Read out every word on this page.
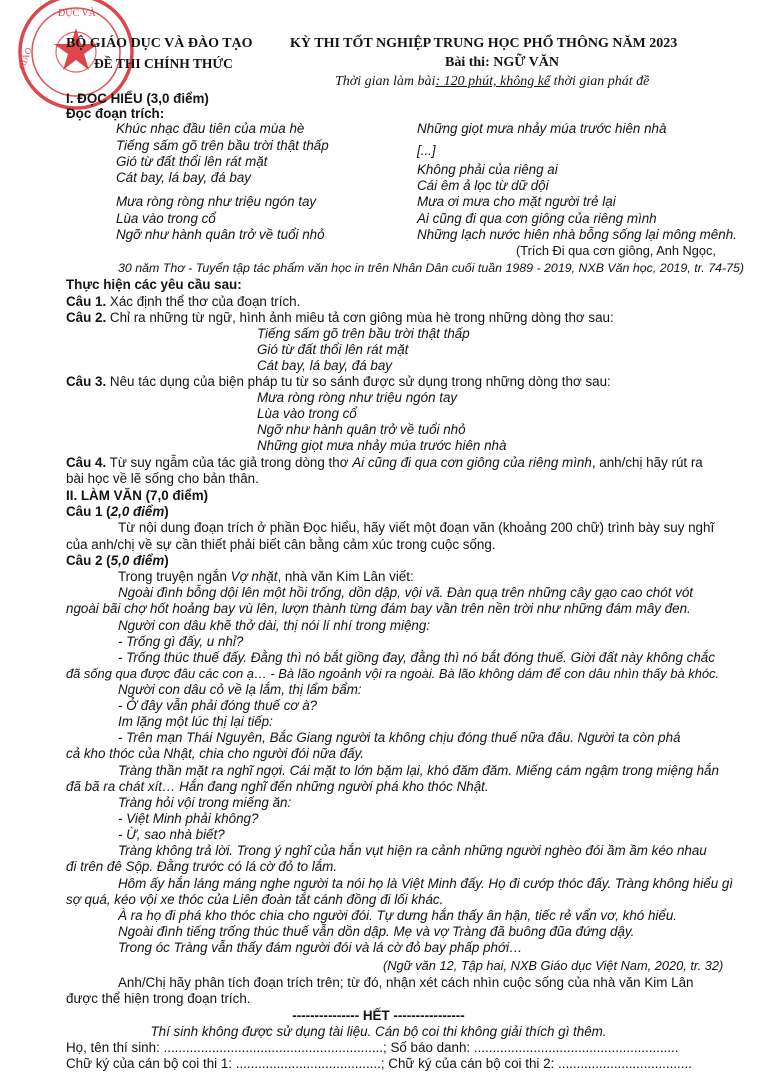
ĐỤC VÀ
GIÁO
BỘ GIÁO DỤC VÀ ĐÀO TẠO
ĐỀ THI CHÍNH THỨC
KỲ THI TỐT NGHIỆP TRUNG HỌC PHỔ THÔNG NĂM 2023
Bài thi: NGỮ VĂN
Thời gian làm bài: 120 phút, không kể thời gian phát đề
I. ĐỌC HIỂU (3,0 điểm)
Đọc đoạn trích:
Khúc nhạc đầu tiên của mùa hè
Tiếng sấm gõ trên bầu trời thật thấp
Gió từ đất thổi lên rát mặt
Cát bay, lá bay, đá bay
Mưa ròng ròng như triệu ngón tay
Lùa vào trong cổ
Ngỡ như hành quân trở về tuổi nhỏ
Những giọt mưa nhảy múa trước hiên nhà
[...]
Không phải của riêng ai
Cái êm ả lọc từ dữ dội
Mưa ơi mưa cho mặt người trẻ lại
Ai cũng đi qua cơn giông của riêng mình
Những lạch nước hiên nhà bỗng sống lại mông mênh.
(Trích Đi qua cơn giông, Anh Ngọc,
30 năm Thơ - Tuyển tập tác phẩm văn học in trên Nhân Dân cuối tuần 1989 - 2019, NXB Văn học, 2019, tr. 74-75)
Thực hiện các yêu cầu sau:
Câu 1. Xác định thể thơ của đoạn trích.
Câu 2. Chỉ ra những từ ngữ, hình ảnh miêu tả cơn giông mùa hè trong những dòng thơ sau:
Tiếng sấm gõ trên bầu trời thật thấp
Gió từ đất thổi lên rát mặt
Cát bay, lá bay, đá bay
Câu 3. Nêu tác dụng của biện pháp tu từ so sánh được sử dụng trong những dòng thơ sau:
Mưa ròng ròng như triệu ngón tay
Lùa vào trong cổ
Ngỡ như hành quân trở về tuổi nhỏ
Những giọt mưa nhảy múa trước hiên nhà
Câu 4. Từ suy ngẫm của tác giả trong dòng thơ Ai cũng đi qua cơn giông của riêng mình, anh/chị hãy rút ra
bài học về lẽ sống cho bản thân.
II. LÀM VĂN (7,0 điểm)
Câu 1 (2,0 điểm)
Từ nội dung đoạn trích ở phần Đọc hiểu, hãy viết một đoạn văn (khoảng 200 chữ) trình bày suy nghĩ
của anh/chị về sự cần thiết phải biết cân bằng cảm xúc trong cuộc sống.
Câu 2 (5,0 điểm)
Trong truyện ngắn Vợ nhặt, nhà văn Kim Lân viết:
Ngoài đình bỗng dội lên một hồi trống, dồn dập, vội vã. Đàn quạ trên những cây gạo cao chót vót
ngoài bãi chợ hốt hoảng bay vù lên, lượn thành từng đám bay vần trên nền trời như những đám mây đen.
Người con dâu khẽ thở dài, thị nói lí nhí trong miệng:
- Trống gì đấy, u nhỉ?
- Trống thúc thuế đấy. Đằng thì nó bắt giồng đay, đằng thì nó bắt đóng thuế. Giời đất này không chắc
đã sống qua được đâu các con ạ… - Bà lão ngoảnh vội ra ngoài. Bà lão không dám để con dâu nhìn thấy bà khóc.
Người con dâu cỏ về lạ lắm, thị lẩm bẩm:
- Ở đây vẫn phải đóng thuế cơ à?
Im lặng một lúc thị lại tiếp:
- Trên mạn Thái Nguyên, Bắc Giang người ta không chịu đóng thuế nữa đâu. Người ta còn phá
cả kho thóc của Nhật, chia cho người đói nữa đấy.
Tràng thần mặt ra nghĩ ngợi. Cái mặt to lớn bặm lại, khó đăm đăm. Miếng cám ngậm trong miệng hắn
đã bã ra chát xít… Hắn đang nghĩ đến những người phá kho thóc Nhật.
Tràng hỏi vội trong miếng ăn:
- Việt Minh phải không?
- Ừ, sao nhà biết?
Tràng không trả lời. Trong ý nghĩ của hắn vụt hiện ra cảnh những người nghèo đói ầm ầm kéo nhau
đi trên đê Sộp. Đằng trước có lá cờ đỏ to lắm.
Hôm ấy hắn láng máng nghe người ta nói họ là Việt Minh đấy. Họ đi cướp thóc đấy. Tràng không hiểu gì
sợ quá, kéo vội xe thóc của Liên đoàn tắt cánh đồng đi lối khác.
À ra họ đi phá kho thóc chia cho người đói. Tự dưng hắn thấy ân hận, tiếc rẻ vẩn vơ, khó hiểu.
Ngoài đình tiếng trống thúc thuế vẫn dồn dập. Mẹ và vợ Tràng đã buông đũa đứng dậy.
Trong óc Tràng vẫn thấy đám người đói và lá cờ đỏ bay phấp phới…
(Ngữ văn 12, Tập hai, NXB Giáo dục Việt Nam, 2020, tr. 32)
Anh/Chị hãy phân tích đoạn trích trên; từ đó, nhận xét cách nhìn cuộc sống của nhà văn Kim Lân
được thể hiện trong đoạn trích.
--------------- HẾT ----------------
Thí sinh không được sử dụng tài liệu. Cán bộ coi thi không giải thích gì thêm.
Họ, tên thí sinh: ...........................................................; Số báo danh: .......................................................
Chữ ký của cán bộ coi thi 1: .......................................; Chữ ký của cán bộ coi thi 2: ....................................
